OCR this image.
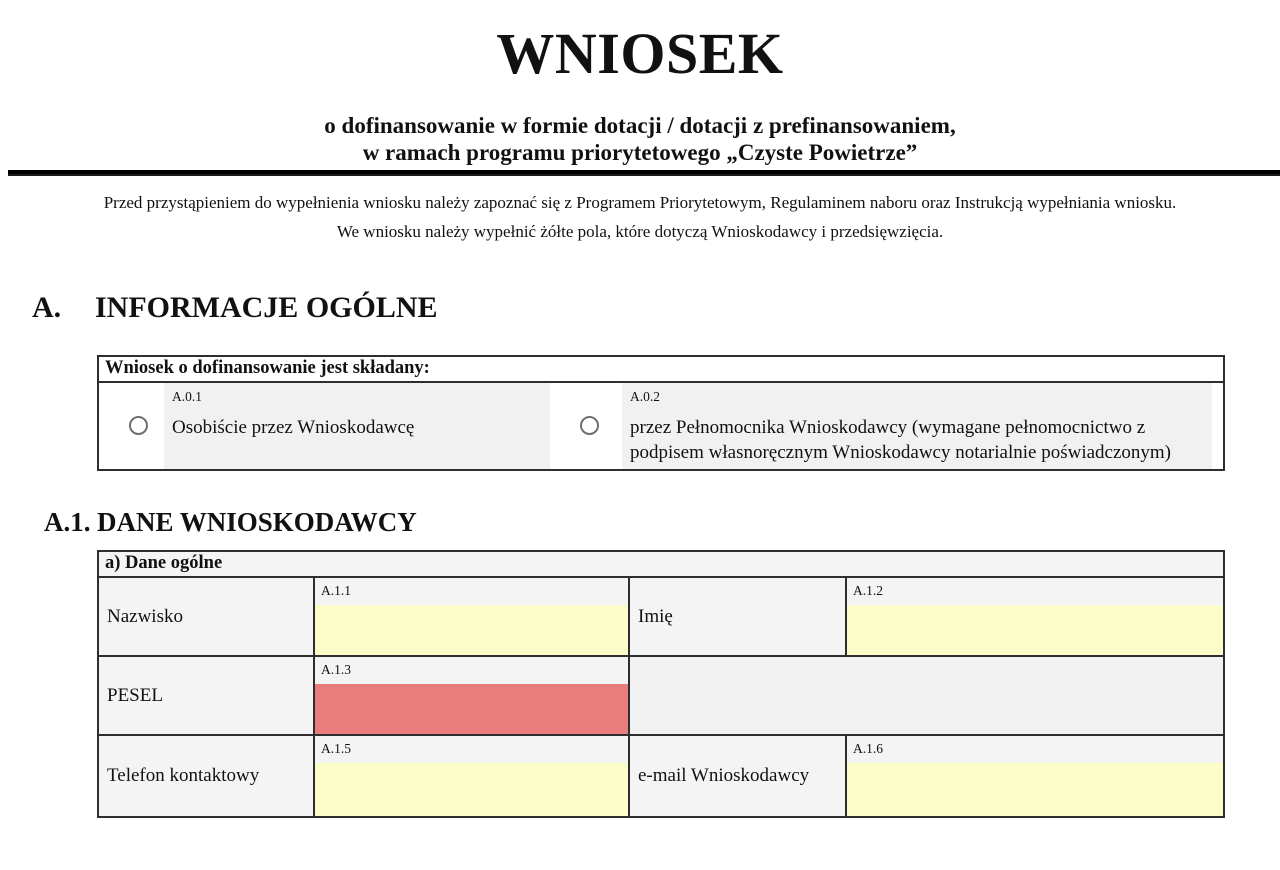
WNIOSEK
o dofinansowanie w formie dotacji / dotacji z prefinansowaniem,
w ramach programu priorytetowego „Czyste Powietrze”
Przed przystąpieniem do wypełnienia wniosku należy zapoznać się z Programem Priorytetowym, Regulaminem naboru oraz Instrukcją wypełniania wniosku.
We wniosku należy wypełnić żółte pola, które dotyczą Wnioskodawcy i przedsięwzięcia.
A.	INFORMACJE OGÓLNE
Wniosek o dofinansowanie jest składany:
A.0.1
Osobiście przez Wnioskodawcę
A.0.2
przez Pełnomocnika Wnioskodawcy (wymagane pełnomocnictwo z podpisem własnoręcznym Wnioskodawcy notarialnie poświadczonym)
A.1. DANE WNIOSKODAWCY
a) Dane ogólne
Nazwisko
A.1.1
Imię
A.1.2
PESEL
A.1.3
Telefon kontaktowy
A.1.5
e-mail Wnioskodawcy
A.1.6
